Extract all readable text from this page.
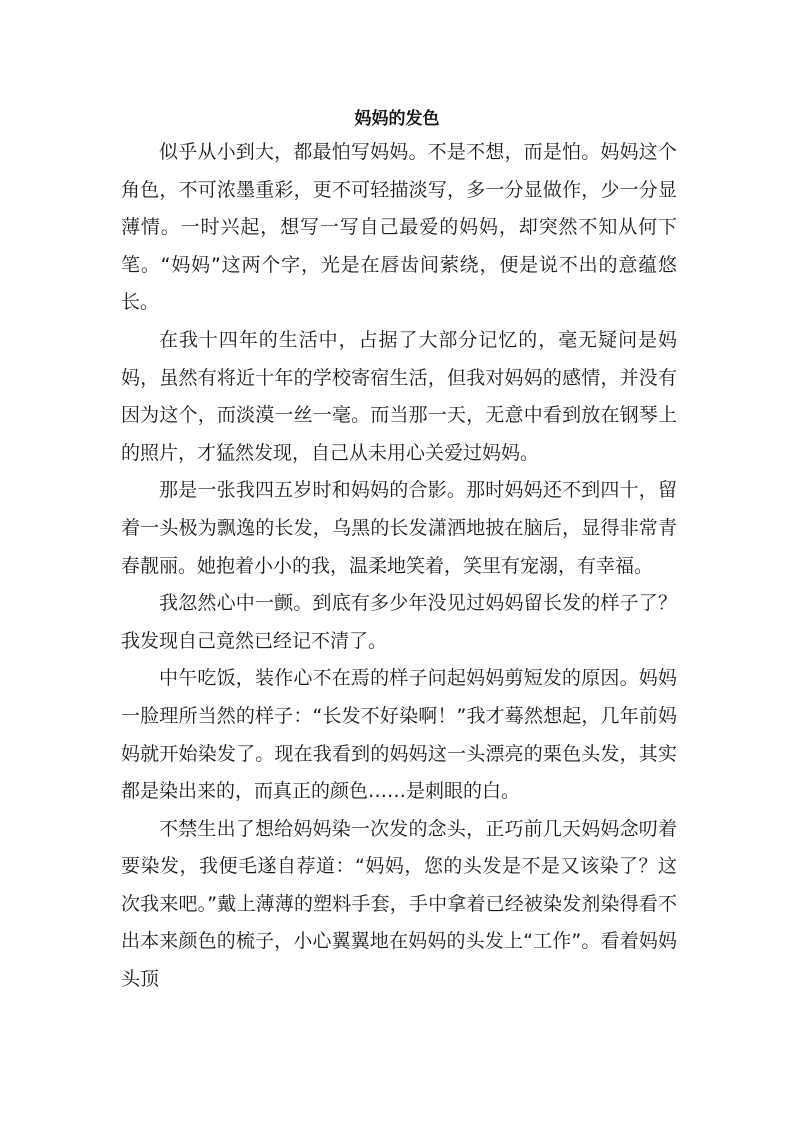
妈妈的发色

似乎从小到大，都最怕写妈妈。不是不想，而是怕。妈妈这个角色，不可浓墨重彩，更不可轻描淡写，多一分显做作，少一分显薄情。一时兴起，想写一写自己最爱的妈妈，却突然不知从何下笔。“妈妈”这两个字，光是在唇齿间萦绕，便是说不出的意蕴悠长。

在我十四年的生活中，占据了大部分记忆的，毫无疑问是妈妈，虽然有将近十年的学校寄宿生活，但我对妈妈的感情，并没有因为这个，而淡漠一丝一毫。而当那一天，无意中看到放在钢琴上的照片，才猛然发现，自己从未用心关爱过妈妈。

那是一张我四五岁时和妈妈的合影。那时妈妈还不到四十，留着一头极为飘逸的长发，乌黑的长发潇洒地披在脑后，显得非常青春靓丽。她抱着小小的我，温柔地笑着，笑里有宠溺，有幸福。

我忽然心中一颤。到底有多少年没见过妈妈留长发的样子了？我发现自己竟然已经记不清了。

中午吃饭，装作心不在焉的样子问起妈妈剪短发的原因。妈妈一脸理所当然的样子：“长发不好染啊！”我才蓦然想起，几年前妈妈就开始染发了。现在我看到的妈妈这一头漂亮的栗色头发，其实都是染出来的，而真正的颜色……是刺眼的白。

不禁生出了想给妈妈染一次发的念头，正巧前几天妈妈念叨着要染发，我便毛遂自荐道：“妈妈，您的头发是不是又该染了？这次我来吧。”戴上薄薄的塑料手套，手中拿着已经被染发剂染得看不出本来颜色的梳子，小心翼翼地在妈妈的头发上“工作”。看着妈妈头顶
